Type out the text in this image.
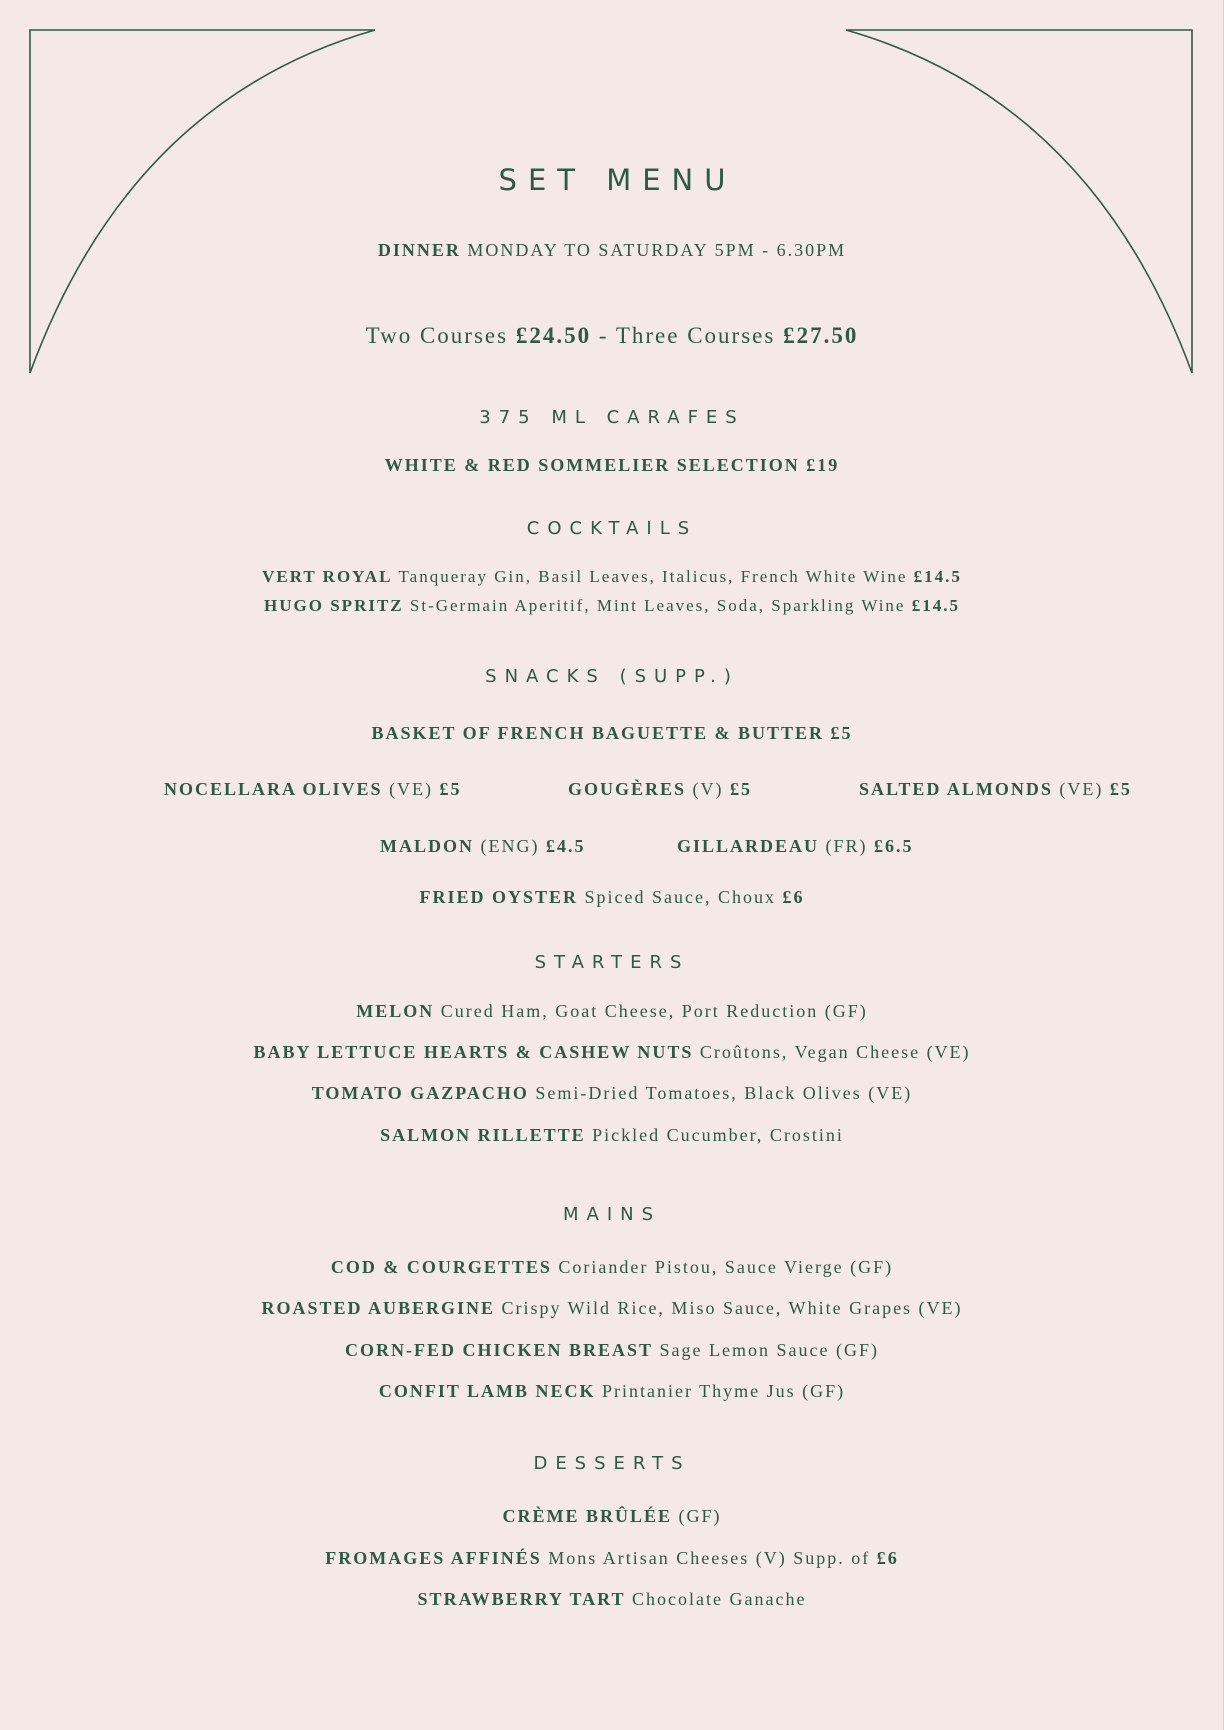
SET MENU
DINNER MONDAY TO SATURDAY 5PM - 6.30PM
Two Courses £24.50 - Three Courses £27.50
375 ML CARAFES
WHITE & RED SOMMELIER SELECTION £19
COCKTAILS
VERT ROYAL Tanqueray Gin, Basil Leaves, Italicus, French White Wine £14.5
HUGO SPRITZ St-Germain Aperitif, Mint Leaves, Soda, Sparkling Wine £14.5
SNACKS (SUPP.)
BASKET OF FRENCH BAGUETTE & BUTTER £5
NOCELLARA OLIVES (VE) £5	GOUGÈRES (V) £5	SALTED ALMONDS (VE) £5
MALDON (ENG) £4.5	GILLARDEAU (FR) £6.5
FRIED OYSTER Spiced Sauce, Choux £6
STARTERS
MELON Cured Ham, Goat Cheese, Port Reduction (GF)
BABY LETTUCE HEARTS & CASHEW NUTS Croûtons, Vegan Cheese (VE)
TOMATO GAZPACHO Semi-Dried Tomatoes, Black Olives (VE)
SALMON RILLETTE Pickled Cucumber, Crostini
MAINS
COD & COURGETTES Coriander Pistou, Sauce Vierge (GF)
ROASTED AUBERGINE Crispy Wild Rice, Miso Sauce, White Grapes (VE)
CORN-FED CHICKEN BREAST Sage Lemon Sauce (GF)
CONFIT LAMB NECK Printanier Thyme Jus (GF)
DESSERTS
CRÈME BRÛLÉE (GF)
FROMAGES AFFINÉS Mons Artisan Cheeses (V) Supp. of £6
STRAWBERRY TART Chocolate Ganache
